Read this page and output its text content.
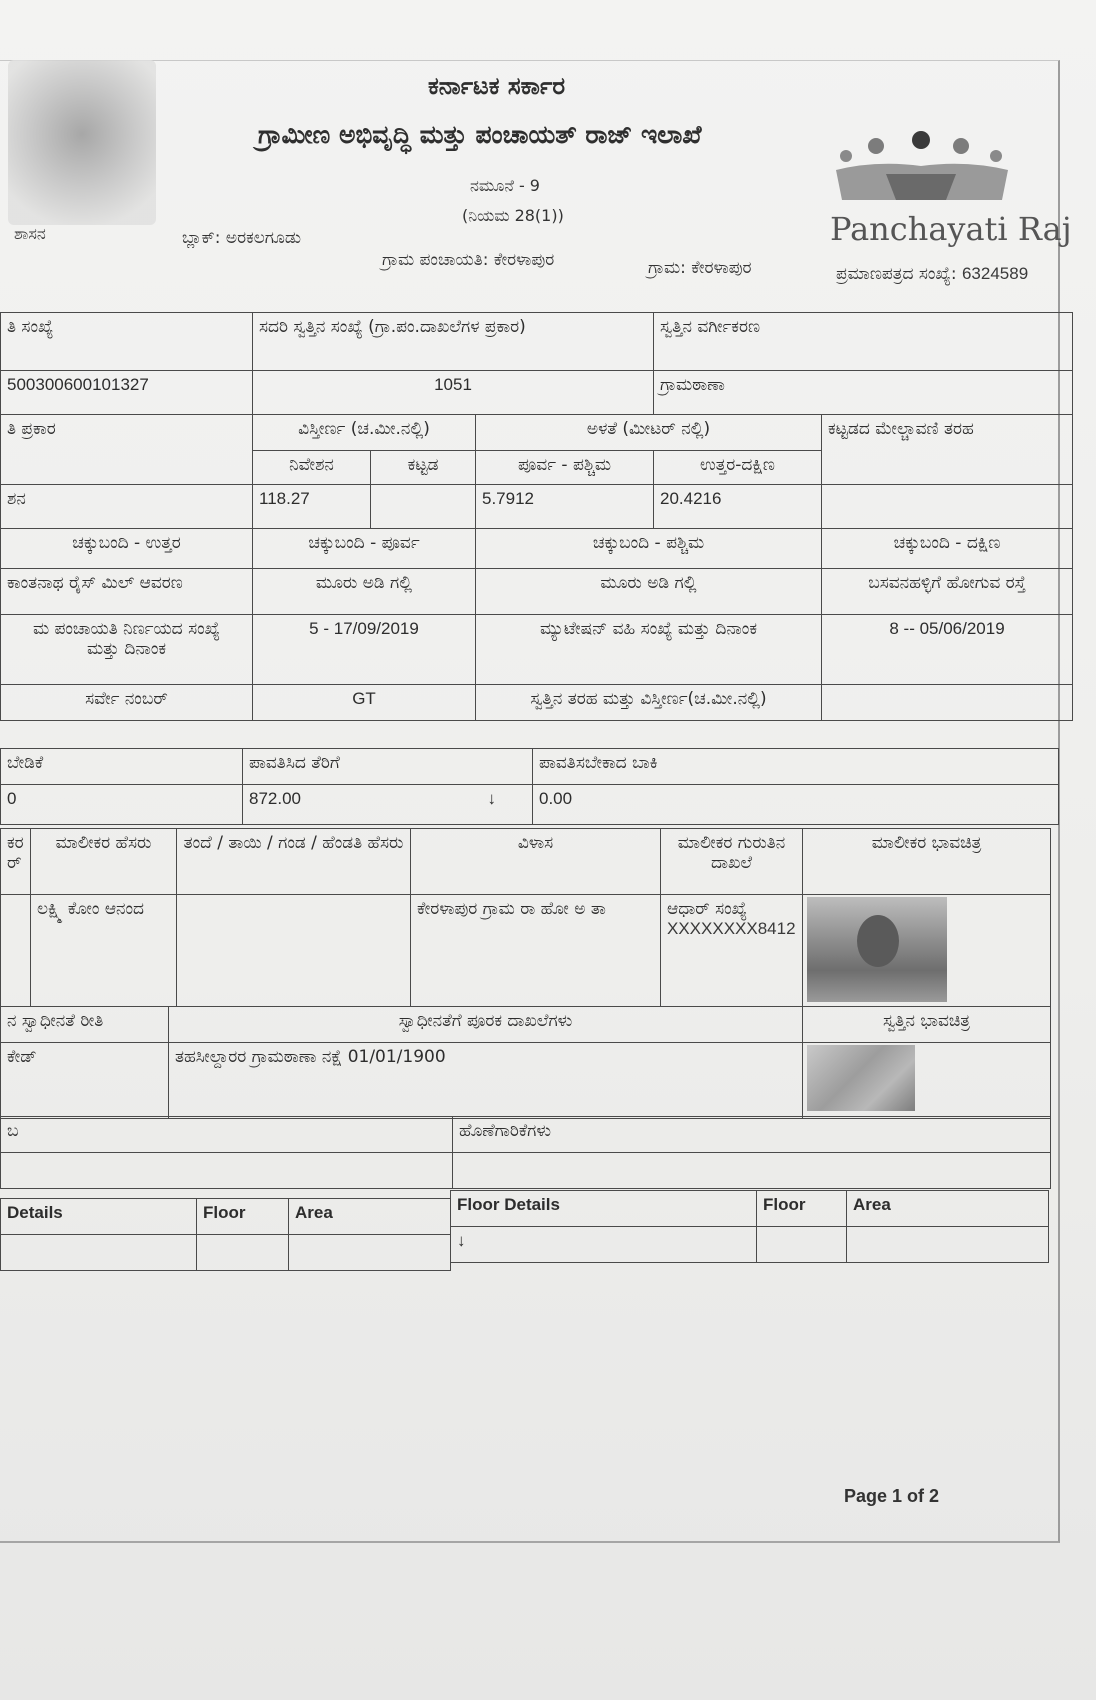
ಶಾಸನ
ಕರ್ನಾಟಕ ಸರ್ಕಾರ
ಗ್ರಾಮೀಣ ಅಭಿವೃದ್ಧಿ ಮತ್ತು ಪಂಚಾಯತ್ ರಾಜ್ ಇಲಾಖೆ
ನಮೂನೆ - 9
(ನಿಯಮ 28(1))	Panchayati Raj
ಬ್ಲಾಕ್: ಅರಕಲಗೂಡು
ಗ್ರಾಮ ಪಂಚಾಯತಿ: ಕೇರಳಾಪುರ	ಗ್ರಾಮ: ಕೇರಳಾಪುರ	ಪ್ರಮಾಣಪತ್ರದ ಸಂಖ್ಯೆ: 6324589
ತಿ ಸಂಖ್ಯೆ	ಸದರಿ ಸ್ವತ್ತಿನ ಸಂಖ್ಯೆ (ಗ್ರಾ.ಪಂ.ದಾಖಲೆಗಳ ಪ್ರಕಾರ)			ಸ್ವತ್ತಿನ ವರ್ಗೀಕರಣ	
500300600101327	1051			ಗ್ರಾಮಠಾಣಾ	
ತಿ ಪ್ರಕಾರ	ವಿಸ್ತೀರ್ಣ (ಚ.ಮೀ.ನಲ್ಲಿ)		ಅಳತೆ (ಮೀಟರ್ ನಲ್ಲಿ)		ಕಟ್ಟಡದ ಮೇಲ್ಚಾವಣಿ ತರಹ
	ನಿವೇಶನ	ಕಟ್ಟಡ	ಪೂರ್ವ - ಪಶ್ಚಿಮ	ಉತ್ತರ-ದಕ್ಷಿಣ	
ಶನ	118.27		5.7912	20.4216	
ಚಕ್ಕುಬಂದಿ - ಉತ್ತರ	ಚಕ್ಕುಬಂದಿ - ಪೂರ್ವ		ಚಕ್ಕುಬಂದಿ - ಪಶ್ಚಿಮ		ಚಕ್ಕುಬಂದಿ - ದಕ್ಷಿಣ
ಕಾಂತನಾಥ ರೈಸ್ ಮಿಲ್ ಆವರಣ	ಮೂರು ಅಡಿ ಗಲ್ಲಿ		ಮೂರು ಅಡಿ ಗಲ್ಲಿ		ಬಸವನಹಳ್ಳಿಗೆ ಹೋಗುವ ರಸ್ತೆ

ಮ ಪಂಚಾಯತಿ ನಿರ್ಣಯದ ಸಂಖ್ಯೆ
ಮತ್ತು ದಿನಾಂಕ	5 - 17/09/2019		ಮ್ಯುಟೇಷನ್ ವಹಿ ಸಂಖ್ಯೆ ಮತ್ತು ದಿನಾಂಕ		8 -- 05/06/2019
ಸರ್ವೇ ನಂಬರ್	GT		ಸ್ವತ್ತಿನ ತರಹ ಮತ್ತು ವಿಸ್ತೀರ್ಣ(ಚ.ಮೀ.ನಲ್ಲಿ)		
ಬೇಡಿಕೆ	ಪಾವತಿಸಿದ ತೆರಿಗೆ	ಪಾವತಿಸಬೇಕಾದ ಬಾಕಿ
0	872.00 ↓	0.00
ಕರ ರ್	ಮಾಲೀಕರ ಹೆಸರು	ತಂದೆ / ತಾಯಿ / ಗಂಡ / ಹೆಂಡತಿ ಹೆಸರು	ವಿಳಾಸ	ಮಾಲೀಕರ ಗುರುತಿನ ದಾಖಲೆ	ಮಾಲೀಕರ ಭಾವಚಿತ್ರ
	ಲಕ್ಷ್ಮಿ ಕೋಂ ಆನಂದ		ಕೇರಳಾಪುರ ಗ್ರಾಮ ರಾ ಹೋ ಅ ತಾ	ಆಧಾರ್ ಸಂಖ್ಯೆ
XXXXXXXX8412	

ನ ಸ್ವಾಧೀನತೆ ರೀತಿ	ಸ್ವಾಧೀನತೆಗೆ ಪೂರಕ ದಾಖಲೆಗಳು	ಸ್ವತ್ತಿನ ಭಾವಚಿತ್ರ
ಕೇಡ್	ತಹಸೀಲ್ದಾರರ ಗ್ರಾಮಠಾಣಾ ನಕ್ಷೆ 01/01/1900	
ಬ	ಹೊಣೆಗಾರಿಕೆಗಳು

Details	Floor	Area
			Floor Details	Floor	Area
↓		
Page 1 of 2
